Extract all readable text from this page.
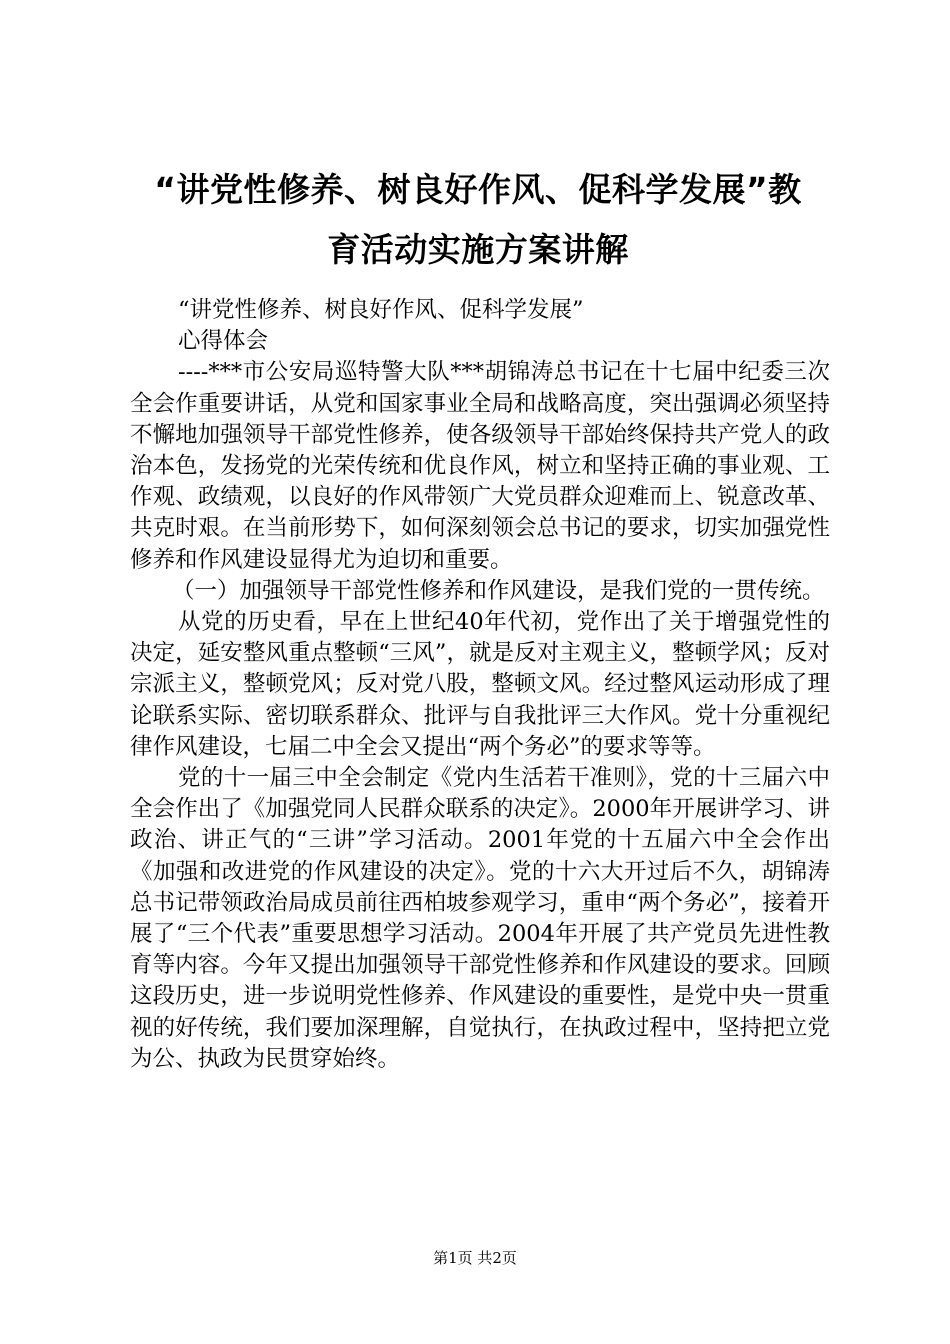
“讲党性修养、树良好作风、促科学发展”教
育活动实施方案讲解

“讲党性修养、树良好作风、促科学发展”

心得体会

----***市公安局巡特警大队***胡锦涛总书记在十七届中纪委三次全会作重要讲话，从党和国家事业全局和战略高度，突出强调必须坚持不懈地加强领导干部党性修养，使各级领导干部始终保持共产党人的政治本色，发扬党的光荣传统和优良作风，树立和坚持正确的事业观、工作观、政绩观，以良好的作风带领广大党员群众迎难而上、锐意改革、共克时艰。在当前形势下，如何深刻领会总书记的要求，切实加强党性修养和作风建设显得尤为迫切和重要。

（一）加强领导干部党性修养和作风建设，是我们党的一贯传统。

从党的历史看，早在上世纪40年代初，党作出了关于增强党性的决定，延安整风重点整顿“三风”，就是反对主观主义，整顿学风；反对宗派主义，整顿党风；反对党八股，整顿文风。经过整风运动形成了理论联系实际、密切联系群众、批评与自我批评三大作风。党十分重视纪律作风建设，七届二中全会又提出“两个务必”的要求等等。

党的十一届三中全会制定《党内生活若干准则》，党的十三届六中全会作出了《加强党同人民群众联系的决定》。2000年开展讲学习、讲政治、讲正气的“三讲”学习活动。2001年党的十五届六中全会作出《加强和改进党的作风建设的决定》。党的十六大开过后不久，胡锦涛总书记带领政治局成员前往西柏坡参观学习，重申“两个务必”，接着开展了“三个代表”重要思想学习活动。2004年开展了共产党员先进性教育等内容。今年又提出加强领导干部党性修养和作风建设的要求。回顾这段历史，进一步说明党性修养、作风建设的重要性，是党中央一贯重视的好传统，我们要加深理解，自觉执行，在执政过程中，坚持把立党为公、执政为民贯穿始终。

第1页 共2页
